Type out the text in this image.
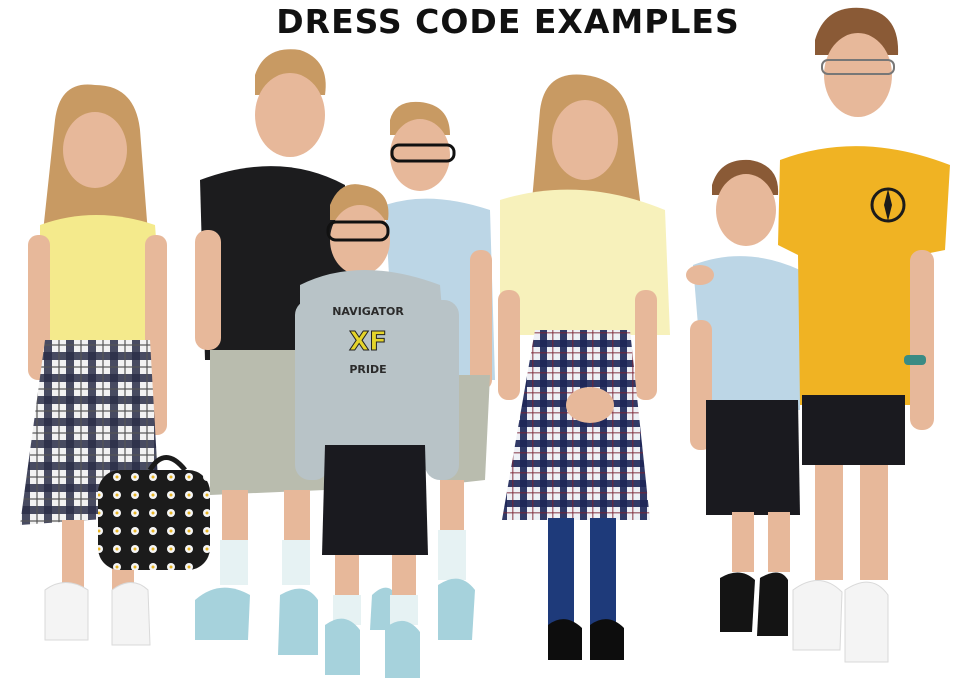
DRESS CODE EXAMPLES
NAVIGATOR
XF
PRIDE
